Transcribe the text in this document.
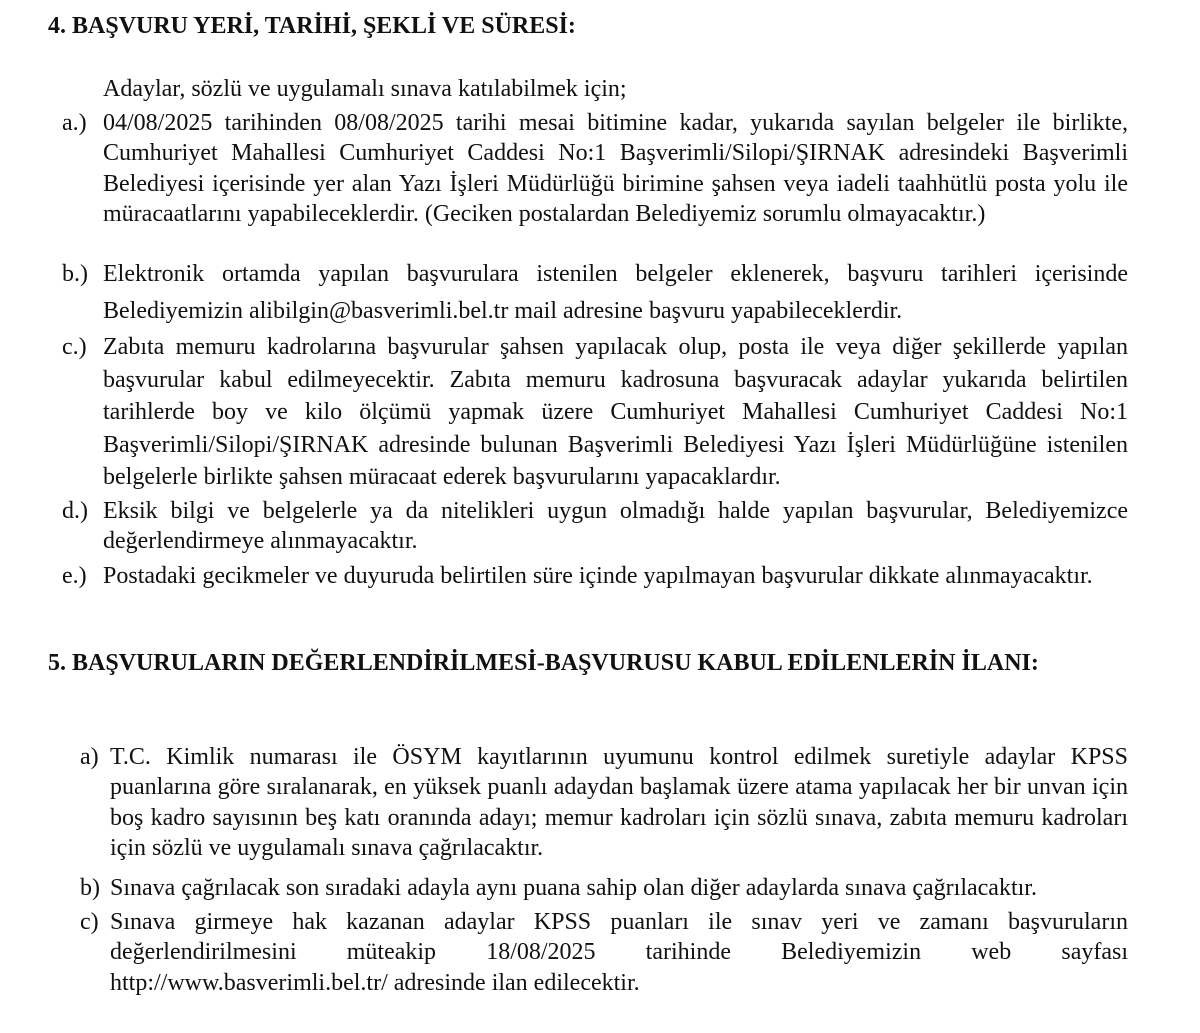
4. BAŞVURU YERİ, TARİHİ, ŞEKLİ VE SÜRESİ:

Adaylar, sözlü ve uygulamalı sınava katılabilmek için;

a.) 04/08/2025 tarihinden 08/08/2025 tarihi mesai bitimine kadar, yukarıda sayılan belgeler ile birlikte, Cumhuriyet Mahallesi Cumhuriyet Caddesi No:1 Başverimli/Silopi/ŞIRNAK adresindeki Başverimli Belediyesi içerisinde yer alan Yazı İşleri Müdürlüğü birimine şahsen veya iadeli taahhütlü posta yolu ile müracaatlarını yapabileceklerdir. (Geciken postalardan Belediyemiz sorumlu olmayacaktır.)
b.) Elektronik ortamda yapılan başvurulara istenilen belgeler eklenerek, başvuru tarihleri içerisinde Belediyemizin alibilgin@basverimli.bel.tr mail adresine başvuru yapabileceklerdir.
c.) Zabıta memuru kadrolarına başvurular şahsen yapılacak olup, posta ile veya diğer şekillerde yapılan başvurular kabul edilmeyecektir. Zabıta memuru kadrosuna başvuracak adaylar yukarıda belirtilen tarihlerde boy ve kilo ölçümü yapmak üzere Cumhuriyet Mahallesi Cumhuriyet Caddesi No:1 Başverimli/Silopi/ŞIRNAK adresinde bulunan Başverimli Belediyesi Yazı İşleri Müdürlüğüne istenilen belgelerle birlikte şahsen müracaat ederek başvurularını yapacaklardır.
d.) Eksik bilgi ve belgelerle ya da nitelikleri uygun olmadığı halde yapılan başvurular, Belediyemizce değerlendirmeye alınmayacaktır.
e.) Postadaki gecikmeler ve duyuruda belirtilen süre içinde yapılmayan başvurular dikkate alınmayacaktır.
5. BAŞVURULARIN DEĞERLENDİRİLMESİ-BAŞVURUSU KABUL EDİLENLERİN İLANI:
a) T.C. Kimlik numarası ile ÖSYM kayıtlarının uyumunu kontrol edilmek suretiyle adaylar KPSS puanlarına göre sıralanarak, en yüksek puanlı adaydan başlamak üzere atama yapılacak her bir unvan için boş kadro sayısının beş katı oranında adayı; memur kadroları için sözlü sınava, zabıta memuru kadroları için sözlü ve uygulamalı sınava çağrılacaktır.
b) Sınava çağrılacak son sıradaki adayla aynı puana sahip olan diğer adaylarda sınava çağrılacaktır.
c) Sınava girmeye hak kazanan adaylar KPSS puanları ile sınav yeri ve zamanı başvuruların değerlendirilmesini müteakip 18/08/2025 tarihinde Belediyemizin web sayfası http://www.basverimli.bel.tr/ adresinde ilan edilecektir.
